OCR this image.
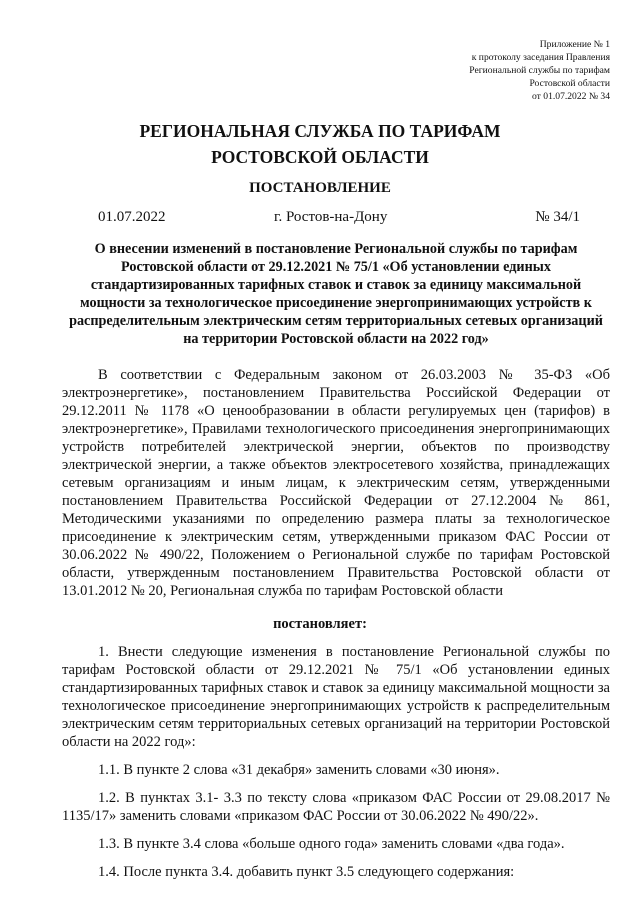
Приложение № 1
к протоколу заседания Правления
Региональной службы по тарифам
Ростовской области
от 01.07.2022 № 34
РЕГИОНАЛЬНАЯ СЛУЖБА ПО ТАРИФАМ
РОСТОВСКОЙ ОБЛАСТИ
ПОСТАНОВЛЕНИЕ
01.07.2022	г. Ростов-на-Дону	№ 34/1
О внесении изменений в постановление Региональной службы по тарифам Ростовской области от 29.12.2021 № 75/1 «Об установлении единых стандартизированных тарифных ставок и ставок за единицу максимальной мощности за технологическое присоединение энергопринимающих устройств к распределительным электрическим сетям территориальных сетевых организаций на территории Ростовской области на 2022 год»
В соответствии с Федеральным законом от 26.03.2003 № 35-ФЗ «Об электроэнергетике», постановлением Правительства Российской Федерации от 29.12.2011 № 1178 «О ценообразовании в области регулируемых цен (тарифов) в электроэнергетике», Правилами технологического присоединения энергопринимающих устройств потребителей электрической энергии, объектов по производству электрической энергии, а также объектов электросетевого хозяйства, принадлежащих сетевым организациям и иным лицам, к электрическим сетям, утвержденными постановлением Правительства Российской Федерации от 27.12.2004 № 861, Методическими указаниями по определению размера платы за технологическое присоединение к электрическим сетям, утвержденными приказом ФАС России от 30.06.2022 № 490/22, Положением о Региональной службе по тарифам Ростовской области, утвержденным постановлением Правительства Ростовской области от 13.01.2012 № 20, Региональная служба по тарифам Ростовской области
постановляет:

1. Внести следующие изменения в постановление Региональной службы по тарифам Ростовской области от 29.12.2021 № 75/1 «Об установлении единых стандартизированных тарифных ставок и ставок за единицу максимальной мощности за технологическое присоединение энергопринимающих устройств к распределительным электрическим сетям территориальных сетевых организаций на территории Ростовской области на 2022 год»:

1.1. В пункте 2 слова «31 декабря» заменить словами «30 июня».

1.2. В пунктах 3.1- 3.3 по тексту слова «приказом ФАС России от 29.08.2017 № 1135/17» заменить словами «приказом ФАС России от 30.06.2022 № 490/22».

1.3. В пункте 3.4 слова «больше одного года» заменить словами «два года».

1.4. После пункта 3.4. добавить пункт 3.5 следующего содержания:
